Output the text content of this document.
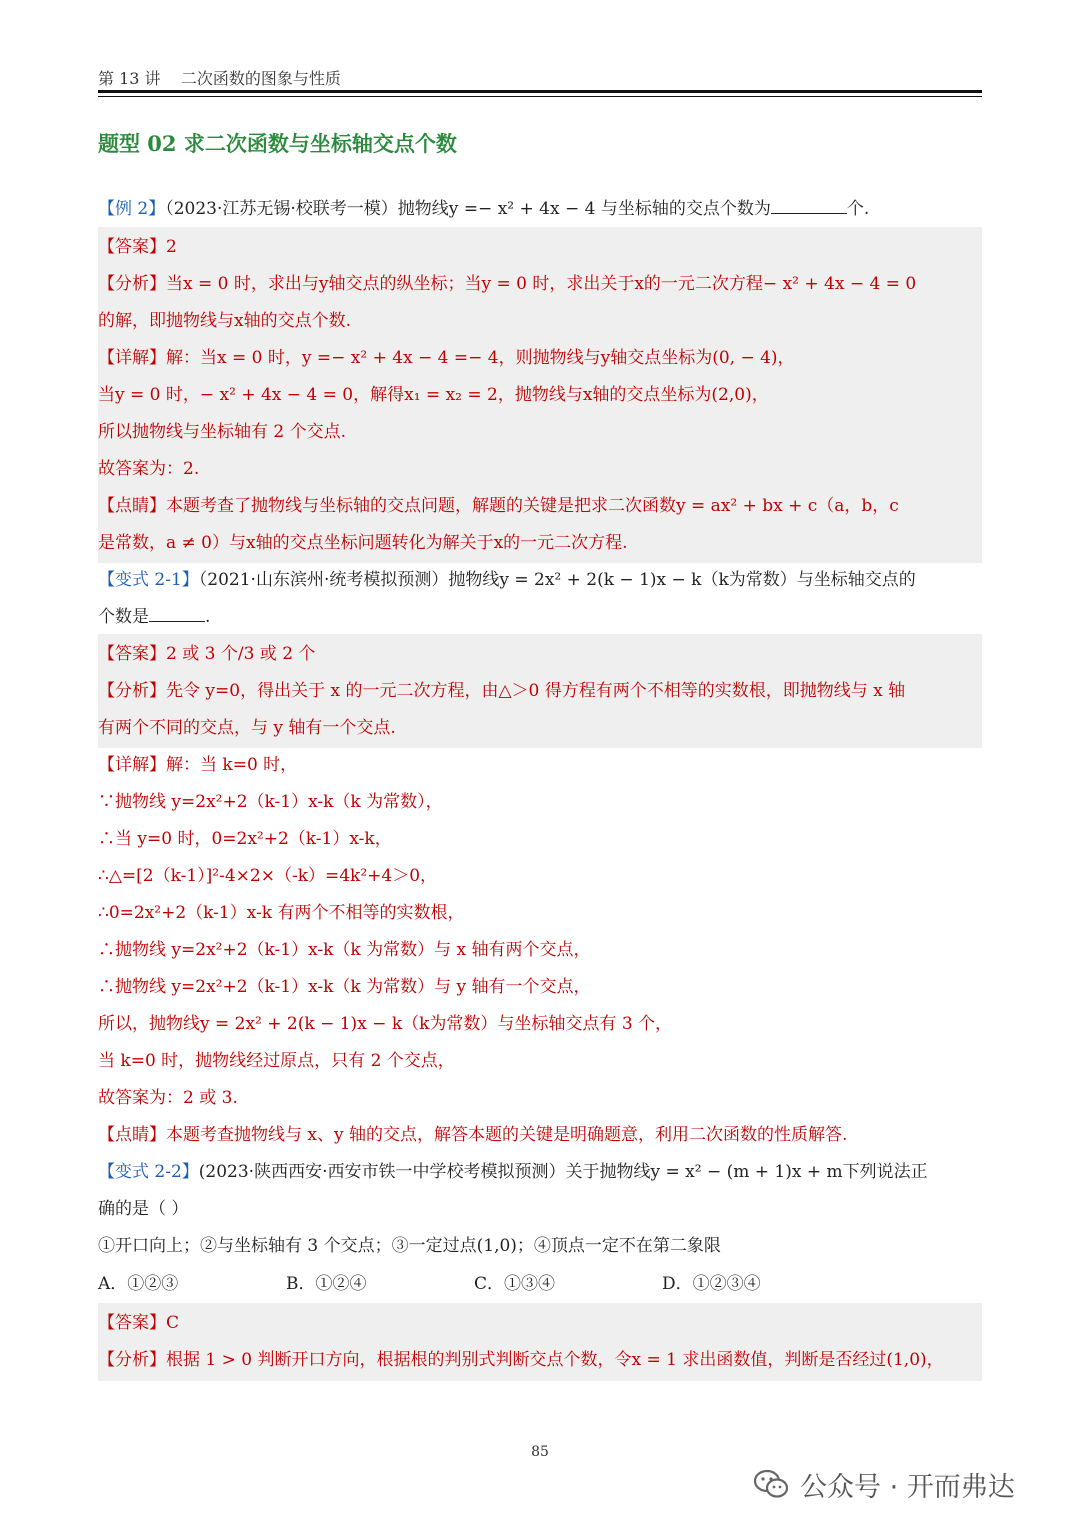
第 13 讲    二次函数的图象与性质
题型 02 求二次函数与坐标轴交点个数
【例 2】（2023·江苏无锡·校联考一模）抛物线y =− x² + 4x − 4 与坐标轴的交点个数为	个.
【答案】2
【分析】当x = 0 时，求出与y轴交点的纵坐标；当y = 0 时，求出关于x的一元二次方程− x² + 4x − 4 = 0
的解，即抛物线与x轴的交点个数.
【详解】解：当x = 0 时，y =− x² + 4x − 4 =− 4，则抛物线与y轴交点坐标为(0, − 4)，
当y = 0 时，− x² + 4x − 4 = 0，解得x₁ = x₂ = 2，抛物线与x轴的交点坐标为(2,0)，
所以抛物线与坐标轴有 2 个交点.
故答案为：2.
【点睛】本题考查了抛物线与坐标轴的交点问题，解题的关键是把求二次函数y = ax² + bx + c（a，b，c
是常数，a ≠ 0）与x轴的交点坐标问题转化为解关于x的一元二次方程.
【变式 2-1】（2021·山东滨州·统考模拟预测）抛物线y = 2x² + 2(k − 1)x − k（k为常数）与坐标轴交点的
个数是	.
【答案】2 或 3 个/3 或 2 个
【分析】先令 y=0，得出关于 x 的一元二次方程，由△＞0 得方程有两个不相等的实数根，即抛物线与 x 轴
有两个不同的交点，与 y 轴有一个交点.
【详解】解：当 k=0 时，
∵抛物线 y=2x²+2（k-1）x-k（k 为常数），
∴当 y=0 时，0=2x²+2（k-1）x-k，
∴△=[2（k-1）]²-4×2×（-k）=4k²+4＞0，
∴0=2x²+2（k-1）x-k 有两个不相等的实数根，
∴抛物线 y=2x²+2（k-1）x-k（k 为常数）与 x 轴有两个交点，
∴抛物线 y=2x²+2（k-1）x-k（k 为常数）与 y 轴有一个交点，
所以，抛物线y = 2x² + 2(k − 1)x − k（k为常数）与坐标轴交点有 3 个，
当 k=0 时，抛物线经过原点，只有 2 个交点，
故答案为：2 或 3.
【点睛】本题考查抛物线与 x、y 轴的交点，解答本题的关键是明确题意，利用二次函数的性质解答.
【变式 2-2】(2023·陕西西安·西安市铁一中学校考模拟预测）关于抛物线y = x² − (m + 1)x + m下列说法正
确的是（ ）
①开口向上；②与坐标轴有 3 个交点；③一定过点(1,0)；④顶点一定不在第二象限
A．①②③	B．①②④	C．①③④	D．①②③④
【答案】C
【分析】根据 1 > 0 判断开口方向，根据根的判别式判断交点个数，令x = 1 求出函数值，判断是否经过(1,0)，
85
公众号 · 开而弗达
